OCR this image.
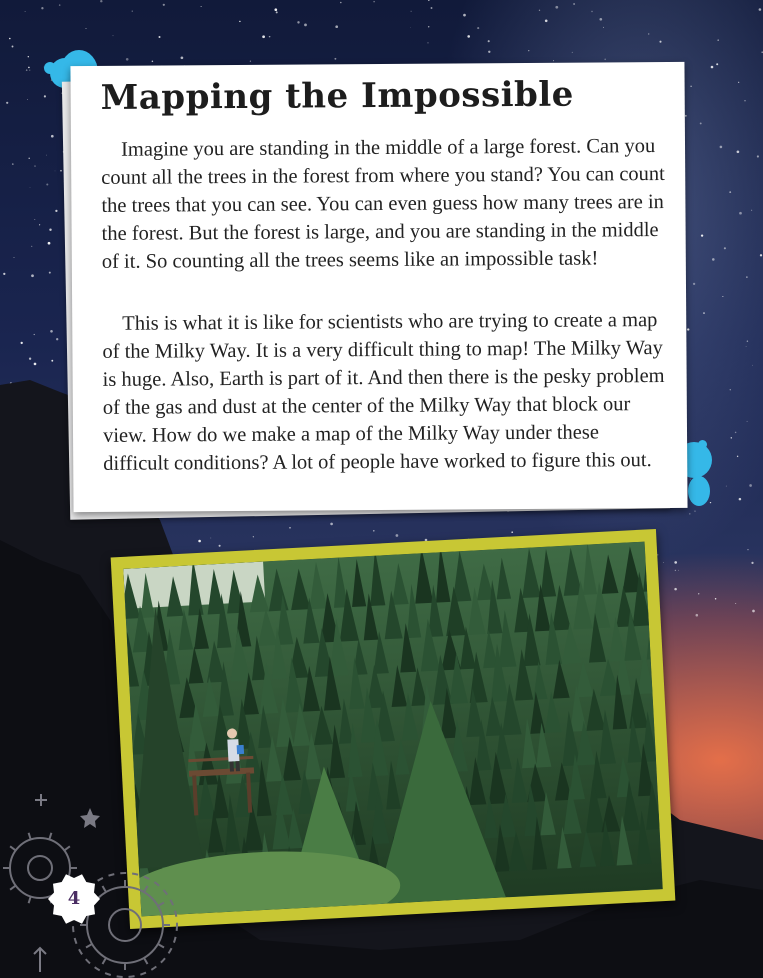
Mapping the Impossible

Imagine you are standing in the middle of a large forest. Can you count all the trees in the forest from where you stand? You can count the trees that you can see. You can even guess how many trees are in the forest. But the forest is large, and you are standing in the middle of it. So counting all the trees seems like an impossible task!

This is what it is like for scientists who are trying to create a map of the Milky Way. It is a very difficult thing to map! The Milky Way is huge. Also, Earth is part of it. And then there is the pesky problem of the gas and dust at the center of the Milky Way that block our view. How do we make a map of the Milky Way under these difficult conditions? A lot of people have worked to figure this out.

4
